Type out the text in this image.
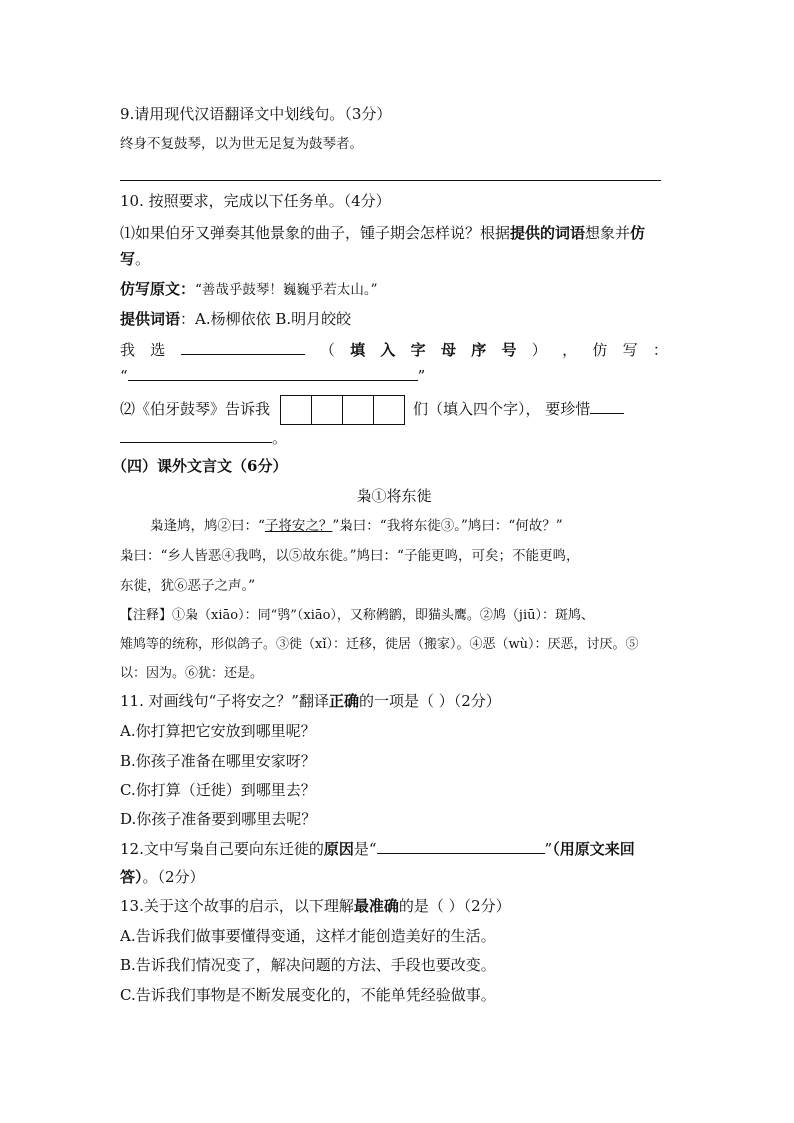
9.请用现代汉语翻译文中划线句。（3分）
终身不复鼓琴，以为世无足复为鼓琴者。
10. 按照要求，完成以下任务单。（4分）
⑴如果伯牙又弹奏其他景象的曲子，锺子期会怎样说？根据提供的词语想象并仿
写。
仿写原文：“善哉乎鼓琴！巍巍乎若太山。”
提供词语：A.杨柳依依 B.明月皎皎
我 选	（ 填 入 字 母 序 号 ） ， 仿 写 ：
“	”
⑵《伯牙鼓琴》告诉我	们（填入四个字）， 要珍惜
。
（四）课外文言文（6分）
枭①将东徙
枭逢鸠，鸠②曰：“子将安之？”枭曰：“我将东徙③。”鸠曰：“何故？”
枭曰：“乡人皆恶④我鸣，以⑤故东徙。”鸠曰：“子能更鸣，可矣；不能更鸣，
东徙，犹⑥恶子之声。”
【注释】①枭（xiāo）：同“鸮”（xiāo），又称鸺鹠，即猫头鹰。②鸠（jiū）：斑鸠、
雉鸠等的统称，形似鸽子。③徙（xǐ）：迁移，徙居（搬家）。④恶（wù）：厌恶，讨厌。⑤
以：因为。⑥犹：还是。
11. 对画线句“子将安之？”翻译正确的一项是（ ）（2分）
A.你打算把它安放到哪里呢？
B.你孩子准备在哪里安家呀？
C.你打算（迁徙）到哪里去？
D.你孩子准备要到哪里去呢？
12.文中写枭自己要向东迁徙的原因是“	”（用原文来回
答）。（2分）
13.关于这个故事的启示，以下理解最准确的是（ ）（2分）
A.告诉我们做事要懂得变通，这样才能创造美好的生活。
B.告诉我们情况变了，解决问题的方法、手段也要改变。
C.告诉我们事物是不断发展变化的，不能单凭经验做事。
